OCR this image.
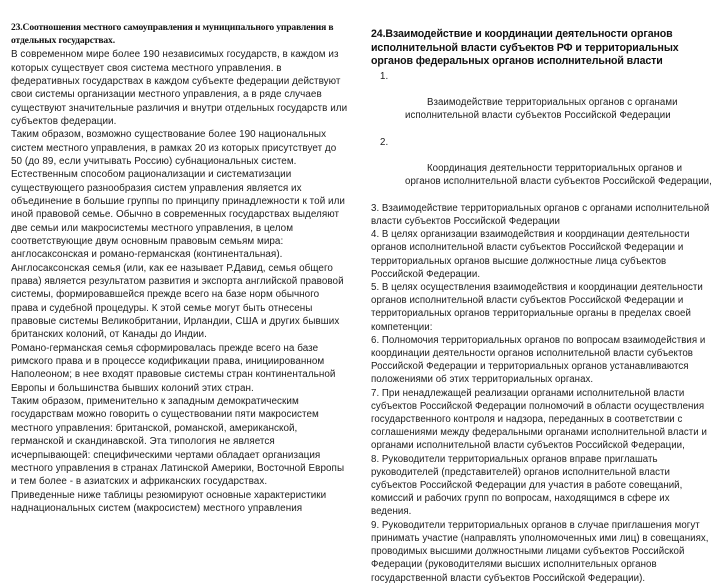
23.Соотношения местного самоуправления и муниципального управления в отдельных государствах.

В современном мире более 190 независимых государств, в каждом из которых существует своя система местного управления. в федеративных государствах в каждом субъекте федерации действуют свои системы организации местного управления, а в ряде случаев существуют значительные различия и внутри отдельных государств или субъектов федерации.

Таким образом, возможно существование более 190 национальных систем местного управления, в рамках 20 из которых присутствует до 50 (до 89, если учитывать Россию) субнациональных систем. Естественным способом рационализации и систематизации существующего разнообразия систем управления является их объединение в большие группы по принципу принадлежности к той или иной правовой семье. Обычно в современных государствах выделяют две семьи или макросистемы местного управления, в целом соответствующие двум основным правовым семьям мира: англосаксонская и романо-германская (континентальная).

Англосаксонская семья (или, как ее называет Р.Давид, семья общего права) является результатом развития и экспорта английской правовой системы, формировавшейся прежде всего на базе норм обычного права и судебной процедуры. К этой семье могут быть отнесены правовые системы Великобритании, Ирландии, США и других бывших британских колоний, от Канады до Индии.

Романо-германская семья сформировалась прежде всего на базе римского права и в процессе кодификации права, инициированном Наполеоном; в нее входят правовые системы стран континентальной Европы и большинства бывших колоний этих стран.

Таким образом, применительно к западным демократическим государствам можно говорить о существовании пяти макросистем местного управления: британской, романской, американской, германской и скандинавской. Эта типология не является исчерпывающей: специфическими чертами обладает организация местного управления в странах Латинской Америки, Восточной Европы и тем более - в азиатских и африканских государствах.

Приведенные ниже таблицы резюмируют основные характеристики наднациональных систем (макросистем) местного управления

24.Взаимодействие и координации деятельности органов исполнительной власти субъектов РФ и территориальных органов федеральных органов исполнительной власти

1.

Взаимодействие территориальных органов с органами исполнительной власти субъектов Российской Федерации

2.

Координация деятельности территориальных органов и органов исполнительной власти субъектов Российской Федерации,

3. Взаимодействие территориальных органов с органами исполнительной власти субъектов Российской Федерации

4. В целях организации взаимодействия и координации деятельности органов исполнительной власти субъектов Российской Федерации и территориальных органов высшие должностные лица субъектов Российской Федерации.

5. В целях осуществления взаимодействия и координации деятельности органов исполнительной власти субъектов Российской Федерации и территориальных органов территориальные органы в пределах своей компетенции:

6. Полномочия территориальных органов по вопросам взаимодействия и координации деятельности органов исполнительной власти субъектов Российской Федерации и территориальных органов устанавливаются положениями об этих территориальных органах.

7. При ненадлежащей реализации органами исполнительной власти субъектов Российской Федерации полномочий в области осуществления государственного контроля и надзора, переданных в соответствии с соглашениями между федеральными органами исполнительной власти и органами исполнительной власти субъектов Российской Федерации,

8. Руководители территориальных органов вправе приглашать руководителей (представителей) органов исполнительной власти субъектов Российской Федерации для участия в работе совещаний, комиссий и рабочих групп по вопросам, находящимся в сфере их ведения.

9. Руководители территориальных органов в случае приглашения могут принимать участие (направлять уполномоченных ими лиц) в совещаниях, проводимых высшими должностными лицами субъектов Российской Федерации (руководителями высших исполнительных органов государственной власти субъектов Российской Федерации).
